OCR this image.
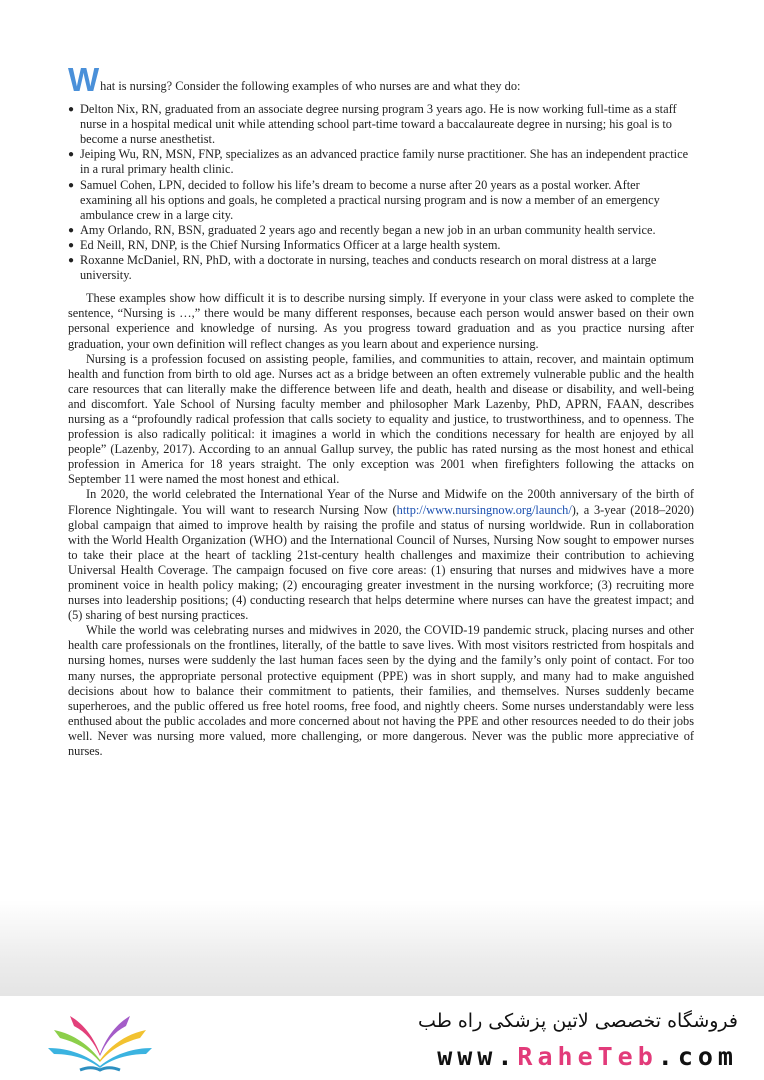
What is nursing? Consider the following examples of who nurses are and what they do:

● Delton Nix, RN, graduated from an associate degree nursing program 3 years ago. He is now working full-time as a staff nurse in a hospital medical unit while attending school part-time toward a baccalaureate degree in nursing; his goal is to become a nurse anesthetist.
● Jeiping Wu, RN, MSN, FNP, specializes as an advanced practice family nurse practitioner. She has an independent practice in a rural primary health clinic.
● Samuel Cohen, LPN, decided to follow his life’s dream to become a nurse after 20 years as a postal worker. After examining all his options and goals, he completed a practical nursing program and is now a member of an emergency ambulance crew in a large city.
● Amy Orlando, RN, BSN, graduated 2 years ago and recently began a new job in an urban community health service.
● Ed Neill, RN, DNP, is the Chief Nursing Informatics Officer at a large health system.
● Roxanne McDaniel, RN, PhD, with a doctorate in nursing, teaches and conducts research on moral distress at a large university.

These examples show how difficult it is to describe nursing simply. If everyone in your class were asked to complete the sentence, “Nursing is …,” there would be many different responses, because each person would answer based on their own personal experience and knowledge of nursing. As you progress toward graduation and as you practice nursing after graduation, your own definition will reflect changes as you learn about and experience nursing.

Nursing is a profession focused on assisting people, families, and communities to attain, recover, and maintain optimum health and function from birth to old age. Nurses act as a bridge between an often extremely vulnerable public and the health care resources that can literally make the difference between life and death, health and disease or disability, and well-being and discomfort. Yale School of Nursing faculty member and philosopher Mark Lazenby, PhD, APRN, FAAN, describes nursing as a “profoundly radical profession that calls society to equality and justice, to trustworthiness, and to openness. The profession is also radically political: it imagines a world in which the conditions necessary for health are enjoyed by all people” (Lazenby, 2017). According to an annual Gallup survey, the public has rated nursing as the most honest and ethical profession in America for 18 years straight. The only exception was 2001 when firefighters following the attacks on September 11 were named the most honest and ethical.

In 2020, the world celebrated the International Year of the Nurse and Midwife on the 200th anniversary of the birth of Florence Nightingale. You will want to research Nursing Now (http://www.nursingnow.org/launch/), a 3-year (2018–2020) global campaign that aimed to improve health by raising the profile and status of nursing worldwide. Run in collaboration with the World Health Organization (WHO) and the International Council of Nurses, Nursing Now sought to empower nurses to take their place at the heart of tackling 21st-century health challenges and maximize their contribution to achieving Universal Health Coverage. The campaign focused on five core areas: (1) ensuring that nurses and midwives have a more prominent voice in health policy making; (2) encouraging greater investment in the nursing workforce; (3) recruiting more nurses into leadership positions; (4) conducting research that helps determine where nurses can have the greatest impact; and (5) sharing of best nursing practices.

While the world was celebrating nurses and midwives in 2020, the COVID-19 pandemic struck, placing nurses and other health care professionals on the frontlines, literally, of the battle to save lives. With most visitors restricted from hospitals and nursing homes, nurses were suddenly the last human faces seen by the dying and the family’s only point of contact. For too many nurses, the appropriate personal protective equipment (PPE) was in short supply, and many had to make anguished decisions about how to balance their commitment to patients, their families, and themselves. Nurses suddenly became superheroes, and the public offered us free hotel rooms, free food, and nightly cheers. Some nurses understandably were less enthused about the public accolades and more concerned about not having the PPE and other resources needed to do their jobs well. Never was nursing more valued, more challenging, or more dangerous. Never was the public more appreciative of nurses.

فروشگاه تخصصی لاتین پزشکی راه طب
www.RaheTeb.com
